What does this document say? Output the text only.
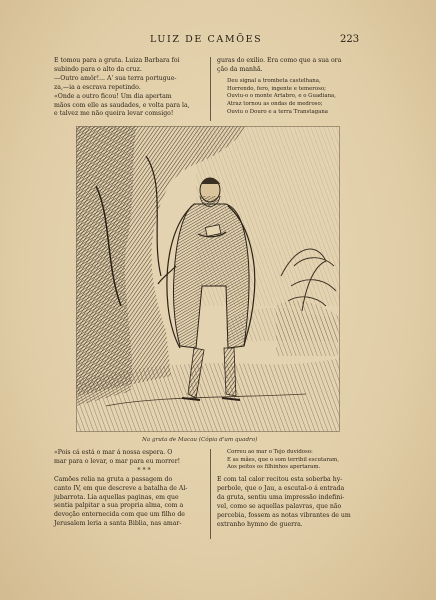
LUIZ DE CAMÕES	223

E tomou para a gruta. Luiza Barbara foi

subindo para o alto da cruz.

—Outro amôr!... A' sua terra portugue-

za,—ia a escrava repetindo.

«Onde a outro ficou! Um dia apertam

mãos com elle as saudades, e volta para la,

e talvez me não queira levar comsigo!

guras do exilio. Era como que a sua ora

ção da manhã.

Deu signal a trombeta castelhana,

Horrendo, fero, ingente e temeroso;

Ouviu-o o monte Artabro, e o Guadiana,

Atraz tornou as ondas de medroso;

Ouviu o Douro e a terra Transtagana

Na gruta de Macau (Cópia d'um quadro)

«Pois cá está o mar á nossa espera. O

mar para o levar, o mar para eu morrer!

* * *

Camões relia na gruta a passagem do

canto IV, em que descreve a batalha de Al-

jubarrota. Lia aquellas paginas, em que

sentia palpitar a sua propria alma, com a

devoção enternecida com que um filho de

Jerusalem leria a santa Biblia, nas amar-

Correu ao mar o Tejo duvidoso:

E as mães, que o som terribil escutaram,

Aos peitos os filhinhos apertaram.

E com tal calor recitou esta soberba hy-

perbole, que o Jau, a escutal-o á entrada

da gruta, sentiu uma impressão indefini-

vel, como se aquellas palavras, que não

percebia, fossem as notas vibrantes de um

extranho hymno de guerra.
